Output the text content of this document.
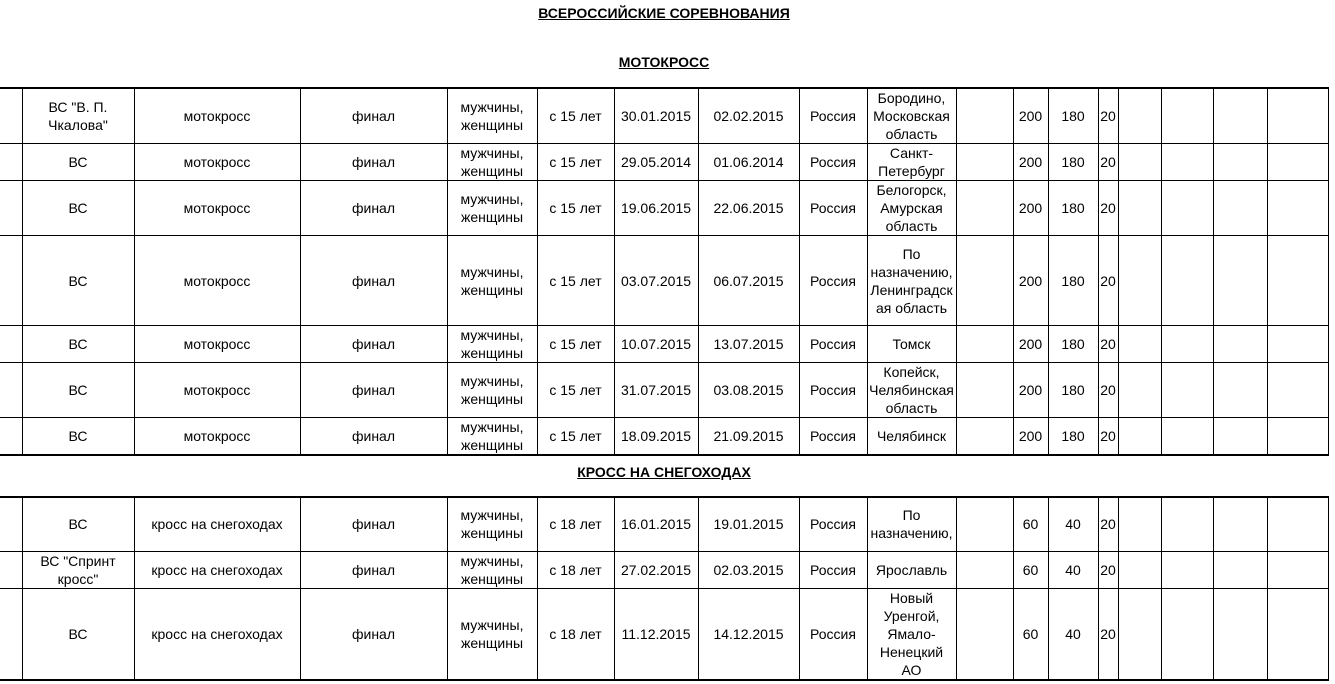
ВСЕРОССИЙСКИЕ СОРЕВНОВАНИЯ
МОТОКРОСС
	ВС "В. П. Чкалова"	мотокросс	финал	мужчины, женщины	с 15 лет	30.01.2015	02.02.2015	Россия	Бородино, Московская область		200	180	20				
	ВС	мотокросс	финал	мужчины, женщины	с 15 лет	29.05.2014	01.06.2014	Россия	Санкт-Петербург		200	180	20				
	ВС	мотокросс	финал	мужчины, женщины	с 15 лет	19.06.2015	22.06.2015	Россия	Белогорск, Амурская область		200	180	20				
	ВС	мотокросс	финал	мужчины, женщины	с 15 лет	03.07.2015	06.07.2015	Россия	По назначению, Ленинградская область		200	180	20				
	ВС	мотокросс	финал	мужчины, женщины	с 15 лет	10.07.2015	13.07.2015	Россия	Томск		200	180	20				
	ВС	мотокросс	финал	мужчины, женщины	с 15 лет	31.07.2015	03.08.2015	Россия	Копейск, Челябинская область		200	180	20				
	ВС	мотокросс	финал	мужчины, женщины	с 15 лет	18.09.2015	21.09.2015	Россия	Челябинск		200	180	20				
КРОСС НА СНЕГОХОДАХ
	ВС	кросс на снегоходах	финал	мужчины, женщины	с 18 лет	16.01.2015	19.01.2015	Россия	По назначению,		60	40	20				
	ВС "Спринт кросс"	кросс на снегоходах	финал	мужчины, женщины	с 18 лет	27.02.2015	02.03.2015	Россия	Ярославль		60	40	20				
	ВС	кросс на снегоходах	финал	мужчины, женщины	с 18 лет	11.12.2015	14.12.2015	Россия	Новый Уренгой, Ямало-Ненецкий АО		60	40	20				
